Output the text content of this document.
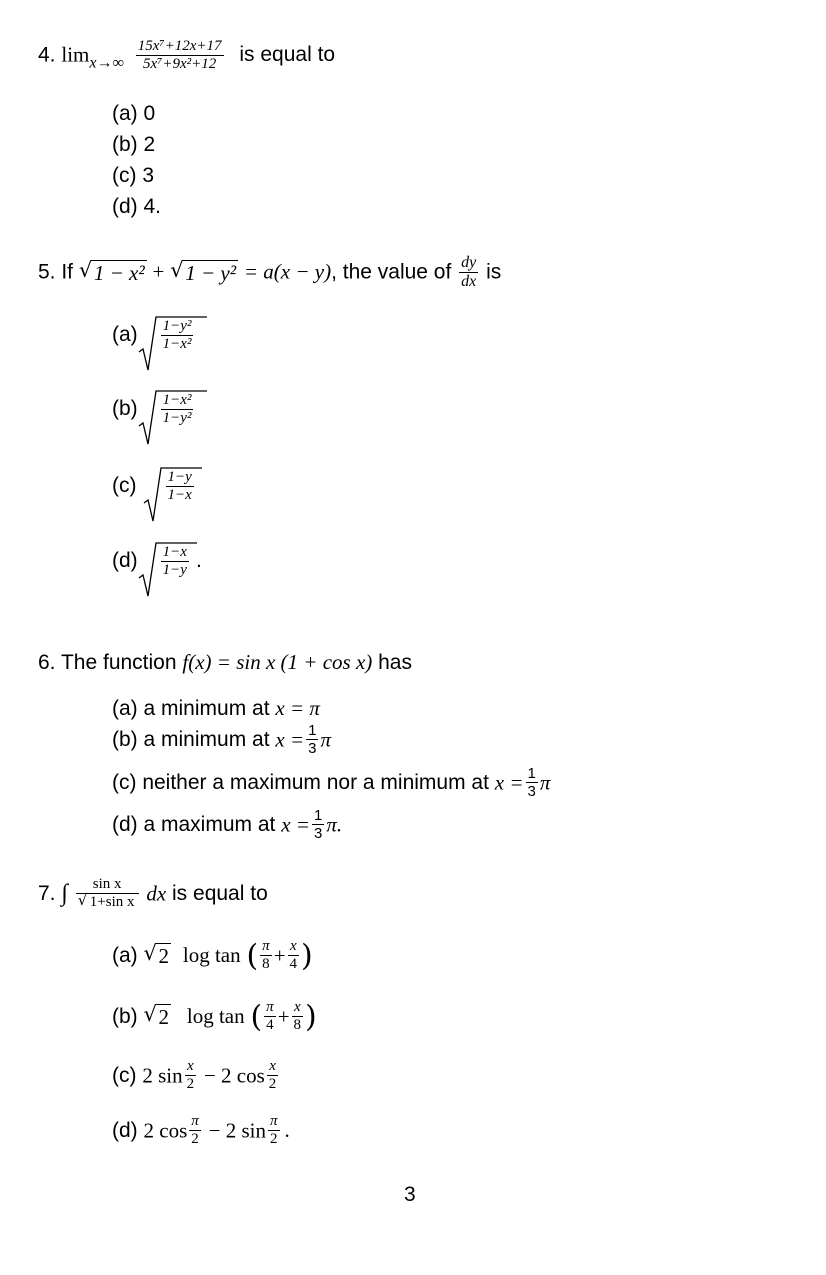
4. $\lim_{x\to\infty} \frac{\text{15x⁷+12x+17}}{\text{5x⁷+9x²+12}}$ is equal to
(a) 0
(b) 2
(c) 3
(d) 4.
5. If √ 1 − x² + √ 1 − y² = a(x − y), the value of $\frac{dy}{dx}$ is
$(a) \frac{\text{1−y²}}{\text{1−x²}}$
$(b) \frac{\text{1−x²}}{\text{1−y²}}$
$(c) \frac{1-y}{1-x}$
$(d) \frac{1-x}{1-y}$ .
6. The function f(x) = sin x (1 + cos x) has
(a) a minimum at x = π
(b) a minimum at $x = \frac{1}{3}$ π
(c) neither a maximum nor a minimum at $x = \frac{1}{3}$ π
(d) a maximum at $x = \frac{1}{3} \pi$.
7. ∫ sin x
√ 1+sin x dx is equal to
(a) √ 2 log tan ( $\frac{\pi}{8} + \frac{x}{4}$ )
(b) √ 2 log tan ( $\frac{\pi}{4} + \frac{x}{8}$ )
(c) 2 $\sin \frac{x}{2} - 2$ $\cos \frac{x}{2}$
(d) 2 $\cos \frac{\pi}{2} - 2$ $\sin \frac{\pi}{2}$ .
3
